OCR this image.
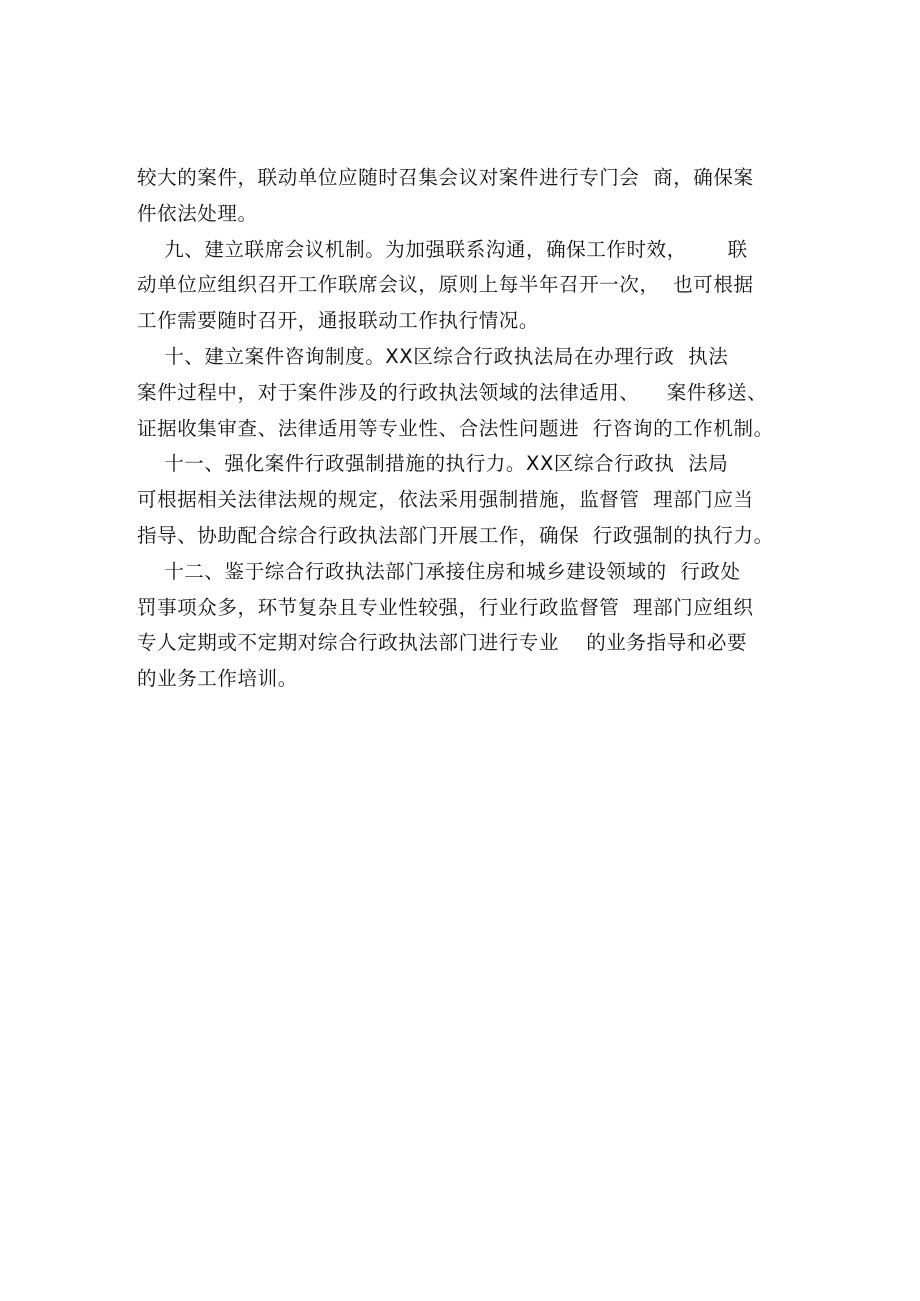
较大的案件，联动单位应随时召集会议对案件进行专门会  商，确保案
件依法处理。
九、建立联席会议机制。为加强联系沟通，确保工作时效，      联
动单位应组织召开工作联席会议，原则上每半年召开一次，  也可根据
工作需要随时召开，通报联动工作执行情况。
十、建立案件咨询制度。XX区综合行政执法局在办理行政  执法
案件过程中，对于案件涉及的行政执法领域的法律适用、    案件移送、
证据收集审查、法律适用等专业性、合法性问题进  行咨询的工作机制。
十一、强化案件行政强制措施的执行力。XX区综合行政执  法局
可根据相关法律法规的规定，依法采用强制措施，监督管  理部门应当
指导、协助配合综合行政执法部门开展工作，确保  行政强制的执行力。
十二、鉴于综合行政执法部门承接住房和城乡建设领域的  行政处
罚事项众多，环节复杂且专业性较强，行业行政监督管  理部门应组织
专人定期或不定期对综合行政执法部门进行专业    的业务指导和必要
的业务工作培训。
